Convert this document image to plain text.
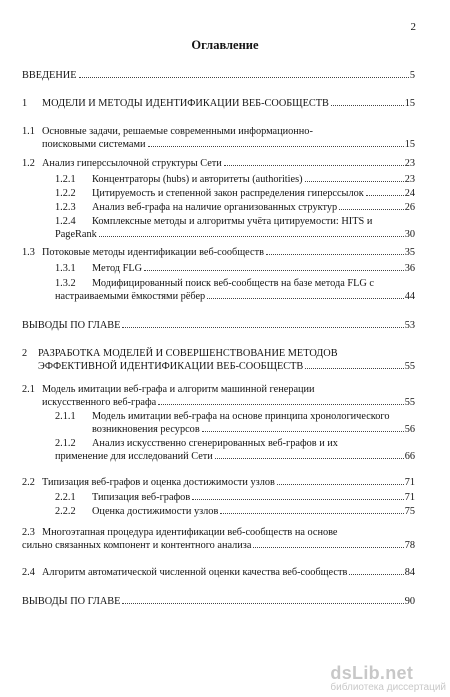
2
Оглавление
ВВЕДЕНИЕ	5
1	МОДЕЛИ И МЕТОДЫ ИДЕНТИФИКАЦИИ ВЕБ-СООБЩЕСТВ	15
1.1 Основные задачи, решаемые современными информационно-
поисковыми системами	15
1.2 Анализ гиперссылочной структуры Сети	23
1.2.1	Концентраторы (hubs) и авторитеты (authorities)	23
1.2.2	Цитируемость и степенной закон распределения гиперссылок	24
1.2.3	Анализ веб-графа на наличие организованных структур	26
1.2.4	Комплексные методы и алгоритмы учёта цитируемости: HITS и
PageRank	30
1.3 Потоковые методы идентификации веб-сообществ	35
1.3.1	Метод FLG	36
1.3.2	Модифицированный поиск веб-сообществ на базе метода FLG с
настраиваемыми ёмкостями рёбер	44
ВЫВОДЫ ПО ГЛАВЕ	53
2	РАЗРАБОТКА МОДЕЛЕЙ И СОВЕРШЕНСТВОВАНИЕ МЕТОДОВ
ЭФФЕКТИВНОЙ ИДЕНТИФИКАЦИИ ВЕБ-СООБЩЕСТВ	55
2.1 Модель имитации веб-графа и алгоритм машинной генерации
искусственного веб-графа	55
2.1.1	Модель имитации веб-графа на основе принципа хронологического
возникновения ресурсов	56
2.1.2	Анализ искусственно сгенерированных веб-графов и их
применение для исследований Сети	66
2.2 Типизация веб-графов и оценка достижимости узлов	71
2.2.1	Типизация веб-графов	71
2.2.2	Оценка достижимости узлов	75
2.3 Многоэтапная процедура идентификации веб-сообществ на основе
сильно связанных компонент и контентного анализа	78
2.4 Алгоритм автоматической численной оценки качества веб-сообществ	84
ВЫВОДЫ ПО ГЛАВЕ	90
dsLib.net
библиотека диссертаций
